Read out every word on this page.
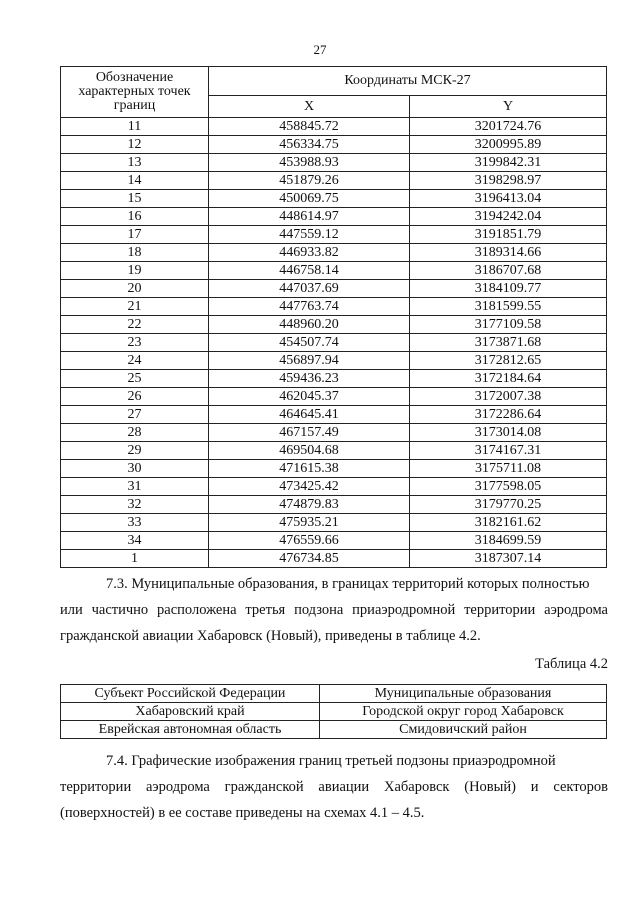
27
Обозначение характерных точек границ	Координаты МСК-27	
	X	Y
11	458845.72	3201724.76
12	456334.75	3200995.89
13	453988.93	3199842.31
14	451879.26	3198298.97
15	450069.75	3196413.04
16	448614.97	3194242.04
17	447559.12	3191851.79
18	446933.82	3189314.66
19	446758.14	3186707.68
20	447037.69	3184109.77
21	447763.74	3181599.55
22	448960.20	3177109.58
23	454507.74	3173871.68
24	456897.94	3172812.65
25	459436.23	3172184.64
26	462045.37	3172007.38
27	464645.41	3172286.64
28	467157.49	3173014.08
29	469504.68	3174167.31
30	471615.38	3175711.08
31	473425.42	3177598.05
32	474879.83	3179770.25
33	475935.21	3182161.62
34	476559.66	3184699.59
1	476734.85	3187307.14
7.3. Муниципальные образования, в границах территорий которых полностью
или частично расположена третья подзона приаэродромной территории аэродрома гражданской авиации Хабаровск (Новый), приведены в таблице 4.2.
Таблица 4.2
Субъект Российской Федерации	Муниципальные образования
Хабаровский край	Городской округ город Хабаровск
Еврейская автономная область	Смидовичский район
7.4. Графические изображения границ третьей подзоны приаэродромной
территории аэродрома гражданской авиации Хабаровск (Новый) и секторов (поверхностей) в ее составе приведены на схемах 4.1 – 4.5.
